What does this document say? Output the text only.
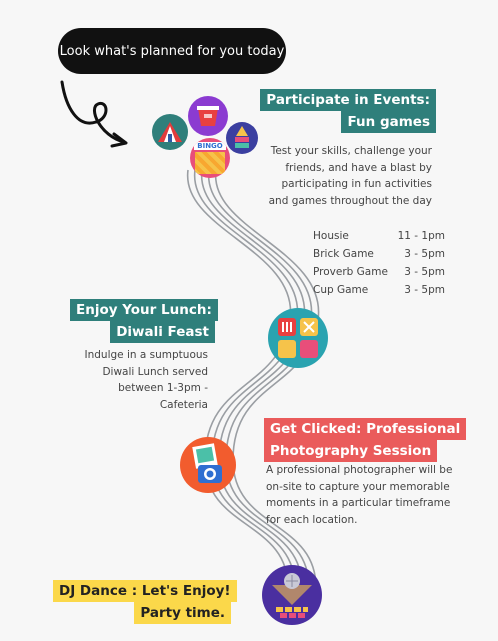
Look what's planned for you today
BINGO
Participate in Events:
Fun games
Test your skills, challenge your friends, and have a blast by participating in fun activities and games throughout the day
Housie	11 - 1pm
Brick Game	3 - 5pm
Proverb Game	3 - 5pm
Cup Game	3 - 5pm
Enjoy Your Lunch:
Diwali Feast
Indulge in a sumptuous Diwali Lunch served between 1-3pm -Cafeteria
Get Clicked: Professional
Photography Session
A professional photographer will be on-site to capture your memorable moments in a particular timeframe for each location.
DJ Dance : Let's Enjoy!
Party time.
